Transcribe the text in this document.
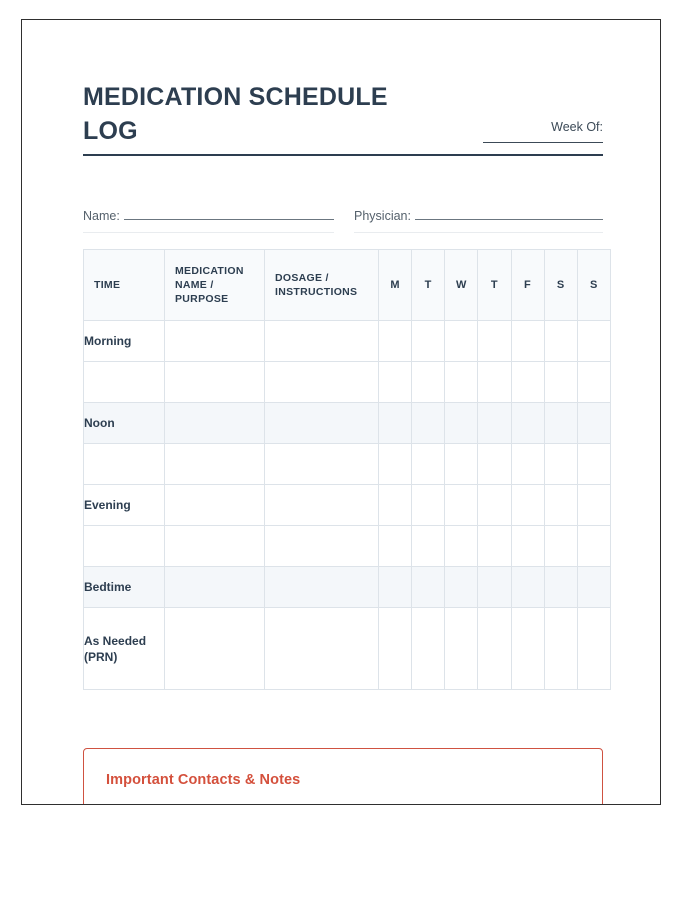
MEDICATION SCHEDULE LOG	Week Of:
Name:	Physician:
TIME	MEDICATION NAME / PURPOSE	DOSAGE / INSTRUCTIONS	M	T	W	T	F	S	S
Morning									

Noon									

Evening									

Bedtime									
As Needed (PRN)									
Important Contacts & Notes
